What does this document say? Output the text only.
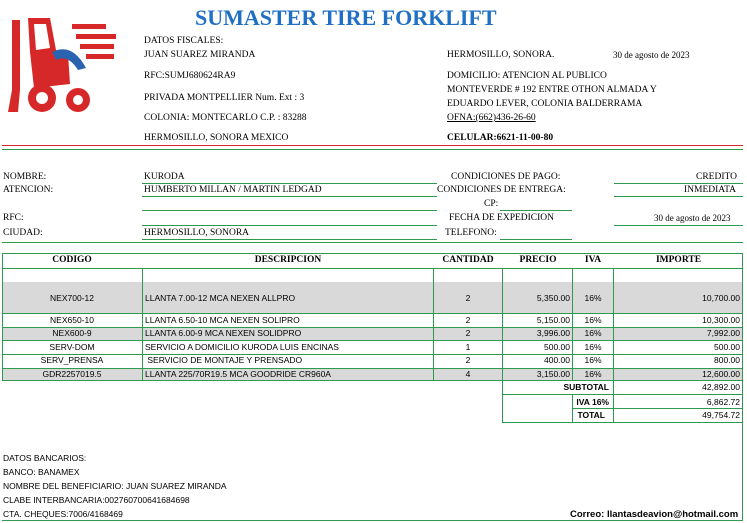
SUMASTER TIRE FORKLIFT
DATOS FISCALES:
JUAN SUAREZ MIRANDA
RFC:SUMJ680624RA9
PRIVADA MONTPELLIER Num. Ext : 3
COLONIA: MONTECARLO C.P. : 83288
HERMOSILLO, SONORA MEXICO
HERMOSILLO, SONORA.	30 de agosto de 2023
DOMICILIO: ATENCION AL PUBLICO
MONTEVERDE # 192 ENTRE OTHON ALMADA Y
EDUARDO LEVER, COLONIA BALDERRAMA
OFNA:(662)436-26-60
CELULAR:6621-11-00-80
NOMBRE:	KURODA
ATENCION:	HUMBERTO MILLAN / MARTIN LEDGAD
RFC:
CIUDAD:	HERMOSILLO, SONORA
CONDICIONES DE PAGO:	CREDITO
CONDICIONES DE ENTREGA:	INMEDIATA
CP:
FECHA DE EXPEDICION	30 de agosto de 2023
TELEFONO:
CODIGO	DESCRIPCION	CANTIDAD	PRECIO	IVA	IMPORTE
NEX700-12	LLANTA 7.00-12 MCA NEXEN ALLPRO	2	5,350.00	16%	10,700.00
NEX650-10	LLANTA 6.50-10 MCA NEXEN SOLIPRO	2	5,150.00	16%	10,300.00
NEX600-9	LLANTA 6.00-9 MCA NEXEN SOLIDPRO	2	3,996.00	16%	7,992.00
SERV-DOM	SERVICIO A DOMICILIO KURODA LUIS ENCINAS	1	500.00	16%	500.00
SERV_PRENSA	SERVICIO DE MONTAJE Y PRENSADO	2	400.00	16%	800.00
GDR2257019.5	LLANTA 225/70R19.5 MCA GOODRIDE CR960A	4	3,150.00	16%	12,600.00
SUBTOTAL	42,892.00
IVA 16%	6,862.72
TOTAL	49,754.72
DATOS BANCARIOS:
BANCO: BANAMEX
NOMBRE DEL BENEFICIARIO: JUAN SUAREZ MIRANDA
CLABE INTERBANCARIA:002760700641684698
CTA. CHEQUES:7006/4168469	Correo: llantasdeavion@hotmail.com
